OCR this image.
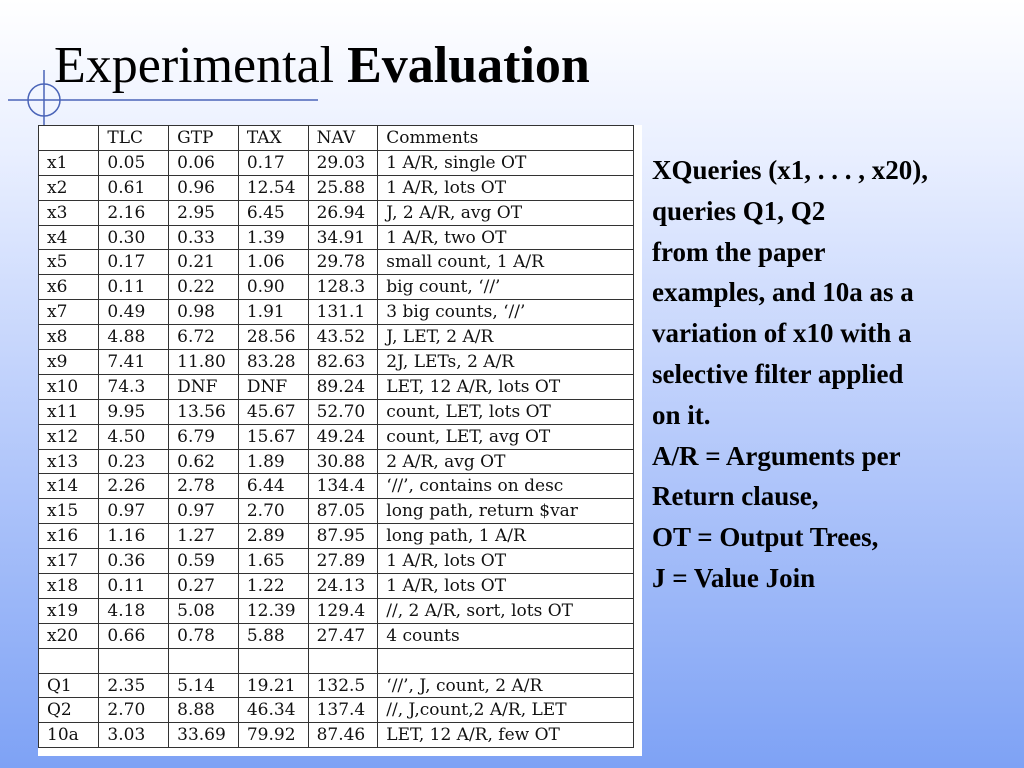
Experimental Evaluation
	TLC	GTP	TAX	NAV	Comments
x1	0.05	0.06	0.17	29.03	1 A/R, single OT
x2	0.61	0.96	12.54	25.88	1 A/R, lots OT
x3	2.16	2.95	6.45	26.94	J, 2 A/R, avg OT
x4	0.30	0.33	1.39	34.91	1 A/R, two OT
x5	0.17	0.21	1.06	29.78	small count, 1 A/R
x6	0.11	0.22	0.90	128.3	big count, ‘//’
x7	0.49	0.98	1.91	131.1	3 big counts, ‘//’
x8	4.88	6.72	28.56	43.52	J, LET, 2 A/R
x9	7.41	11.80	83.28	82.63	2J, LETs, 2 A/R
x10	74.3	DNF	DNF	89.24	LET, 12 A/R, lots OT
x11	9.95	13.56	45.67	52.70	count, LET, lots OT
x12	4.50	6.79	15.67	49.24	count, LET, avg OT
x13	0.23	0.62	1.89	30.88	2 A/R, avg OT
x14	2.26	2.78	6.44	134.4	‘//’, contains on desc
x15	0.97	0.97	2.70	87.05	long path, return $var
x16	1.16	1.27	2.89	87.95	long path, 1 A/R
x17	0.36	0.59	1.65	27.89	1 A/R, lots OT
x18	0.11	0.27	1.22	24.13	1 A/R, lots OT
x19	4.18	5.08	12.39	129.4	//, 2 A/R, sort, lots OT
x20	0.66	0.78	5.88	27.47	4 counts

Q1	2.35	5.14	19.21	132.5	‘//’, J, count, 2 A/R
Q2	2.70	8.88	46.34	137.4	//, J,count,2 A/R, LET
10a	3.03	33.69	79.92	87.46	LET, 12 A/R, few OT
XQueries (x1, . . . , x20),
queries Q1, Q2
from the paper
examples, and 10a as a
variation of x10 with a
selective filter applied
on it.
A/R = Arguments per
Return clause,
OT = Output Trees,
J = Value Join
